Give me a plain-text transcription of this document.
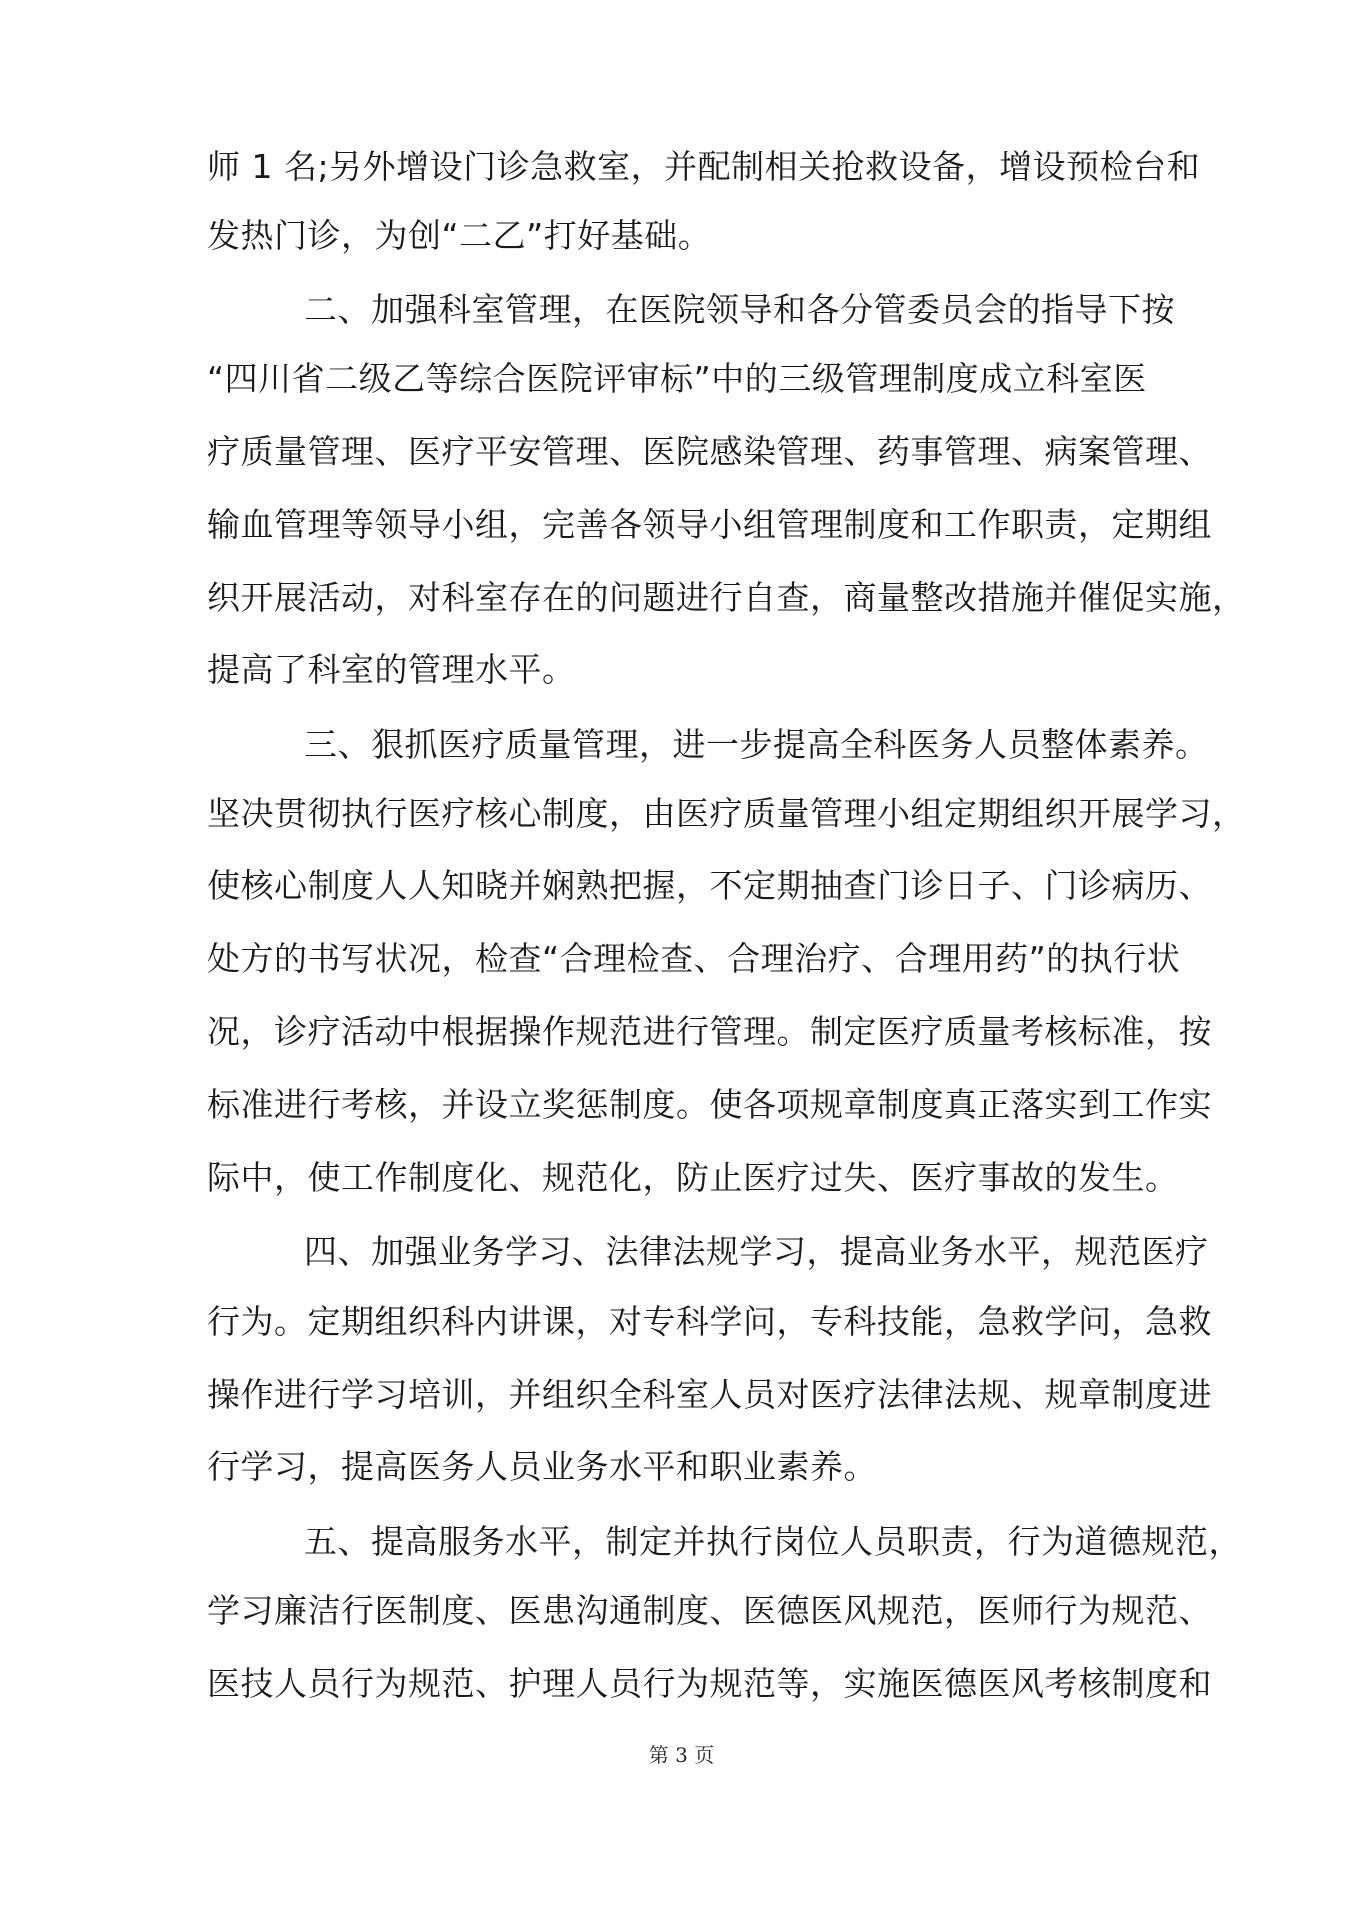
师 1 名;另外增设门诊急救室，并配制相关抢救设备，增设预检台和
发热门诊，为创“二乙”打好基础。
二、加强科室管理，在医院领导和各分管委员会的指导下按
“四川省二级乙等综合医院评审标”中的三级管理制度成立科室医
疗质量管理、医疗平安管理、医院感染管理、药事管理、病案管理、
输血管理等领导小组，完善各领导小组管理制度和工作职责，定期组
织开展活动，对科室存在的问题进行自查，商量整改措施并催促实施，
提高了科室的管理水平。
三、狠抓医疗质量管理，进一步提高全科医务人员整体素养。
坚决贯彻执行医疗核心制度，由医疗质量管理小组定期组织开展学习，
使核心制度人人知晓并娴熟把握，不定期抽查门诊日子、门诊病历、
处方的书写状况，检查“合理检查、合理治疗、合理用药”的执行状
况，诊疗活动中根据操作规范进行管理。制定医疗质量考核标准，按
标准进行考核，并设立奖惩制度。使各项规章制度真正落实到工作实
际中，使工作制度化、规范化，防止医疗过失、医疗事故的发生。
四、加强业务学习、法律法规学习，提高业务水平，规范医疗
行为。定期组织科内讲课，对专科学问，专科技能，急救学问，急救
操作进行学习培训，并组织全科室人员对医疗法律法规、规章制度进
行学习，提高医务人员业务水平和职业素养。
五、提高服务水平，制定并执行岗位人员职责，行为道德规范，
学习廉洁行医制度、医患沟通制度、医德医风规范，医师行为规范、
医技人员行为规范、护理人员行为规范等，实施医德医风考核制度和
第 3 页
